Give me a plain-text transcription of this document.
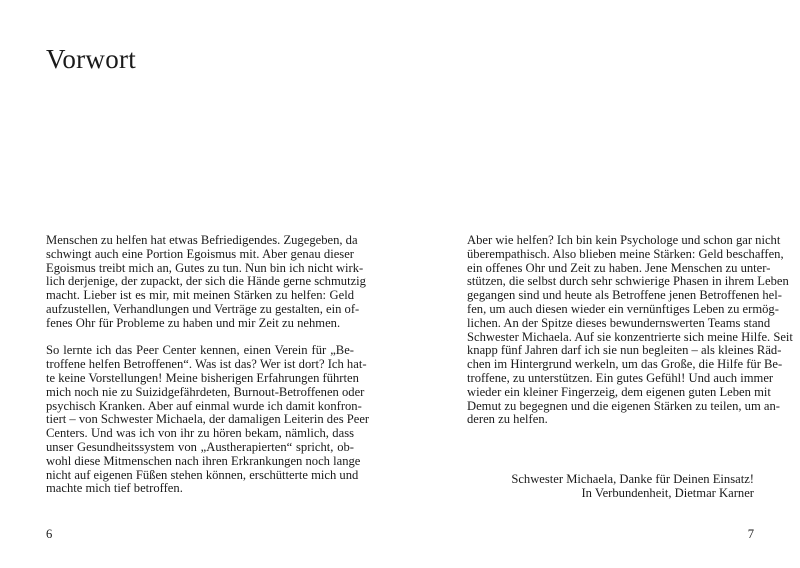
Vorwort
Menschen zu helfen hat etwas Befriedigendes. Zugegeben, da
schwingt auch eine Portion Egoismus mit. Aber genau dieser
Egoismus treibt mich an, Gutes zu tun. Nun bin ich nicht wirk-
lich derjenige, der zupackt, der sich die Hände gerne schmutzig
macht. Lieber ist es mir, mit meinen Stärken zu helfen: Geld
aufzustellen, Verhandlungen und Verträge zu gestalten, ein of-
fenes Ohr für Probleme zu haben und mir Zeit zu nehmen.
So lernte ich das Peer Center kennen, einen Verein für „Be-
troffene helfen Betroffenen“. Was ist das? Wer ist dort? Ich hat-
te keine Vorstellungen! Meine bisherigen Erfahrungen führten
mich noch nie zu Suizidgefährdeten, Burnout-Betroffenen oder
psychisch Kranken. Aber auf einmal wurde ich damit konfron-
tiert – von Schwester Michaela, der damaligen Leiterin des Peer
Centers. Und was ich von ihr zu hören bekam, nämlich, dass
unser Gesundheitssystem von „Austherapierten“ spricht, ob-
wohl diese Mitmenschen nach ihren Erkrankungen noch lange
nicht auf eigenen Füßen stehen können, erschütterte mich und
machte mich tief betroffen.
6
Aber wie helfen? Ich bin kein Psychologe und schon gar nicht
überempathisch. Also blieben meine Stärken: Geld beschaffen,
ein offenes Ohr und Zeit zu haben. Jene Menschen zu unter-
stützen, die selbst durch sehr schwierige Phasen in ihrem Leben
gegangen sind und heute als Betroffene jenen Betroffenen hel-
fen, um auch diesen wieder ein vernünftiges Leben zu ermög-
lichen. An der Spitze dieses bewundernswerten Teams stand
Schwester Michaela. Auf sie konzentrierte sich meine Hilfe. Seit
knapp fünf Jahren darf ich sie nun begleiten – als kleines Räd-
chen im Hintergrund werkeln, um das Große, die Hilfe für Be-
troffene, zu unterstützen. Ein gutes Gefühl! Und auch immer
wieder ein kleiner Fingerzeig, dem eigenen guten Leben mit
Demut zu begegnen und die eigenen Stärken zu teilen, um an-
deren zu helfen.
Schwester Michaela, Danke für Deinen Einsatz!
In Verbundenheit, Dietmar Karner
7
